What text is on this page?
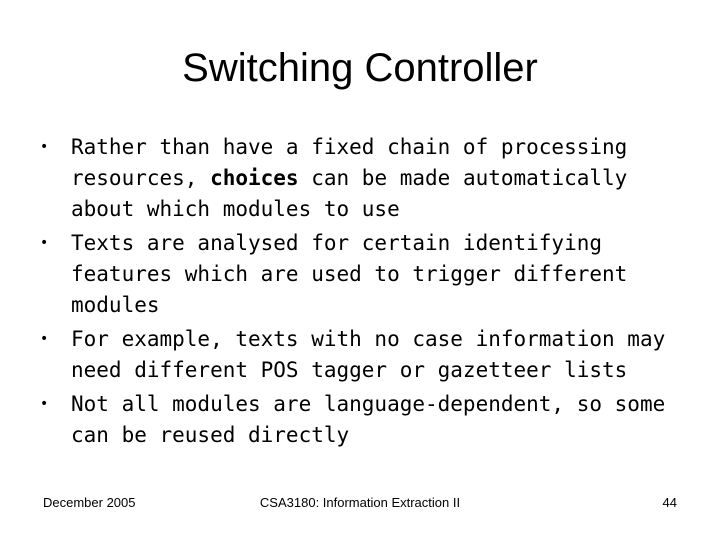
Switching Controller
•	Rather than have a fixed chain of processing resources, choices can be made automatically about which modules to use
•	Texts are analysed for certain identifying features which are used to trigger different modules
•	For example, texts with no case information may need different POS tagger or gazetteer lists
•	Not all modules are language-dependent, so some can be reused directly
December 2005	CSA3180: Information Extraction II	44
